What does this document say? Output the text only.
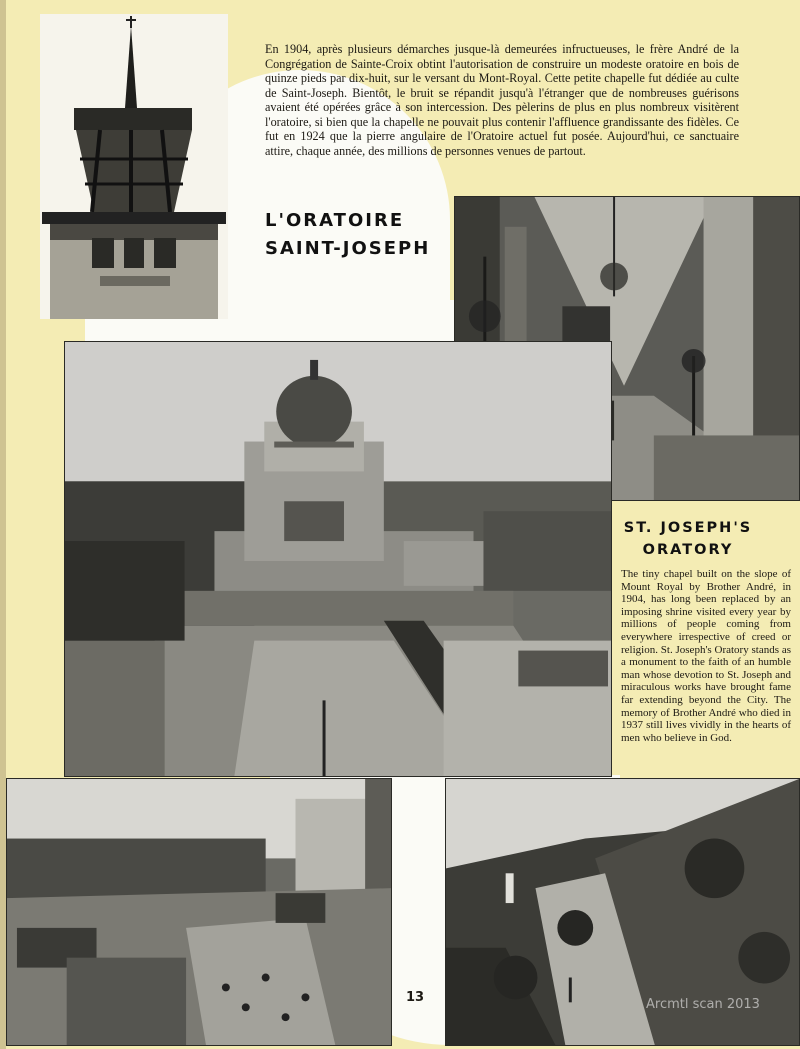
En 1904, après plusieurs démarches jusque-là demeurées infructueuses, le frère André de la Congrégation de Sainte-Croix obtint l'autorisation de construire un modeste oratoire en bois de quinze pieds par dix-huit, sur le versant du Mont-Royal. Cette petite chapelle fut dédiée au culte de Saint-Joseph. Bientôt, le bruit se répandit jusqu'à l'étranger que de nombreuses guérisons avaient été opérées grâce à son intercession. Des pèlerins de plus en plus nombreux visitèrent l'oratoire, si bien que la chapelle ne pouvait plus contenir l'affluence grandissante des fidèles. Ce fut en 1924 que la pierre angulaire de l'Oratoire actuel fut posée. Aujourd'hui, ce sanctuaire attire, chaque année, des millions de personnes venues de partout.

L'ORATOIRE
SAINT-JOSEPH
ST. JOSEPH'S
ORATORY

The tiny chapel built on the slope of Mount Royal by Brother André, in 1904, has long been replaced by an imposing shrine visited every year by millions of people coming from everywhere irrespective of creed or religion. St. Joseph's Oratory stands as a monument to the faith of an humble man whose devotion to St. Joseph and miraculous works have brought fame far extending beyond the City. The memory of Brother André who died in 1937 still lives vividly in the hearts of men who believe in God.

13	Arcmtl scan 2013
